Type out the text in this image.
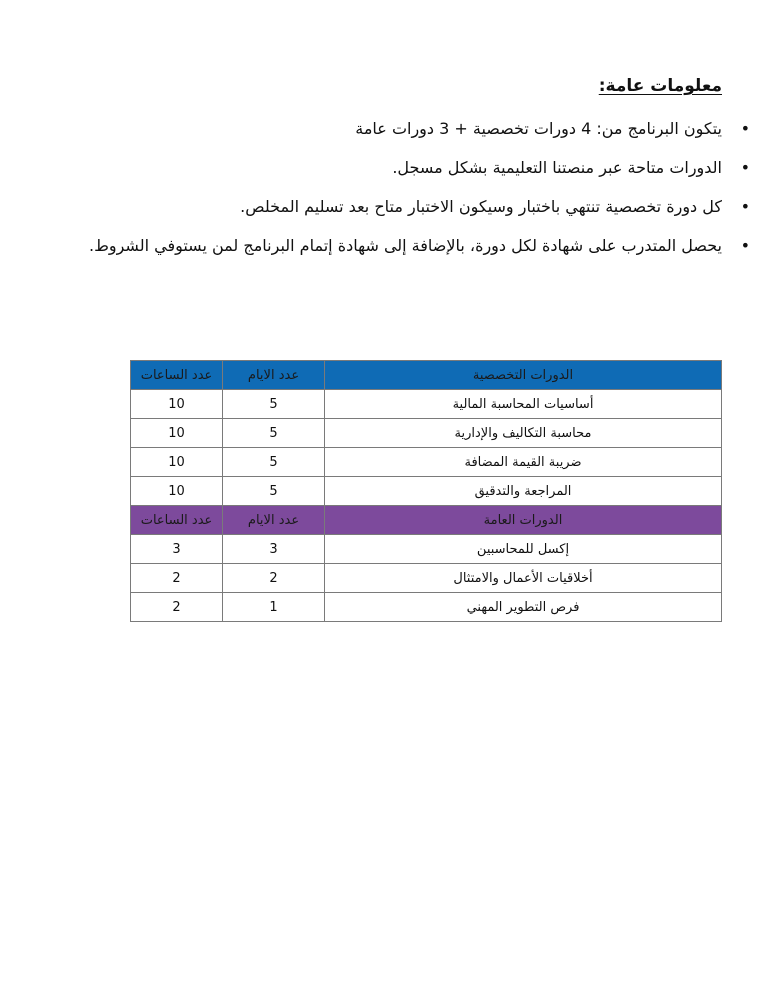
معلومات عامة:
•
يتكون البرنامج من: 4 دورات تخصصية + 3 دورات عامة
•
الدورات متاحة عبر منصتنا التعليمية بشكل مسجل.
•
كل دورة تخصصية تنتهي باختبار وسيكون الاختبار متاح بعد تسليم المخلص.
•
يحصل المتدرب على شهادة لكل دورة، بالإضافة إلى شهادة إتمام البرنامج لمن يستوفي الشروط.
الدورات التخصصية	عدد الايام	عدد الساعات
أساسيات المحاسبة المالية	5	10
محاسبة التكاليف والإدارية	5	10
ضريبة القيمة المضافة	5	10
المراجعة والتدقيق	5	10
الدورات العامة	عدد الايام	عدد الساعات
إكسل للمحاسبين	3	3
أخلاقيات الأعمال والامتثال	2	2
فرص التطوير المهني	1	2
